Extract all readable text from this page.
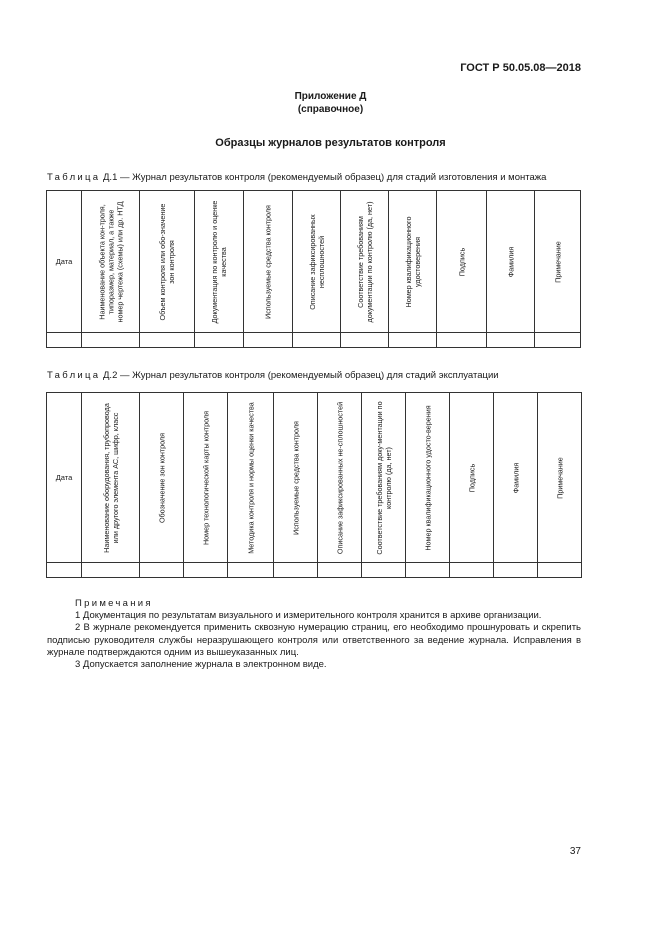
ГОСТ Р 50.05.08—2018
Приложение Д
(справочное)
Образцы журналов результатов контроля
Таблица Д.1 — Журнал результатов контроля (рекомендуемый образец) для стадий изготовления и монтажа
Дата	Наименование объекта кон-троля, типоразмер, материал, а также номер чертежа (схемы) или др. НТД	Объем контроля или обо-значение зон контроля	Документация по контролю и оценке качества	Используемые средства контроля	Описание зафиксированных несплошностей	Соответствие требованиям документации по контролю (да, нет)	Номер квалификационного удостоверения	Подпись	Фамилия	Примечание

Таблица Д.2 — Журнал результатов контроля (рекомендуемый образец) для стадий эксплуатации
Дата	Наименование оборудования, трубопровода или другого элемента АС, шифр, класс	Обозначение зон контроля	Номер технологической карты контроля	Методика контроля и нормы оценки качества	Используемые средства контроля	Описание зафиксированных не-сплошностей	Соответствие требованиям доку-ментации по контролю (да, нет)	Номер квалификационного удосто-верения	Подпись	Фамилия	Примечание

Примечания

1 Документация по результатам визуального и измерительного контроля хранится в архиве организации.

2 В журнале рекомендуется применить сквозную нумерацию страниц, его необходимо прошнуровать и скрепить подписью руководителя службы неразрушающего контроля или ответственного за ведение журнала. Исправления в журнале подтверждаются одним из вышеуказанных лиц.

3 Допускается заполнение журнала в электронном виде.

37
